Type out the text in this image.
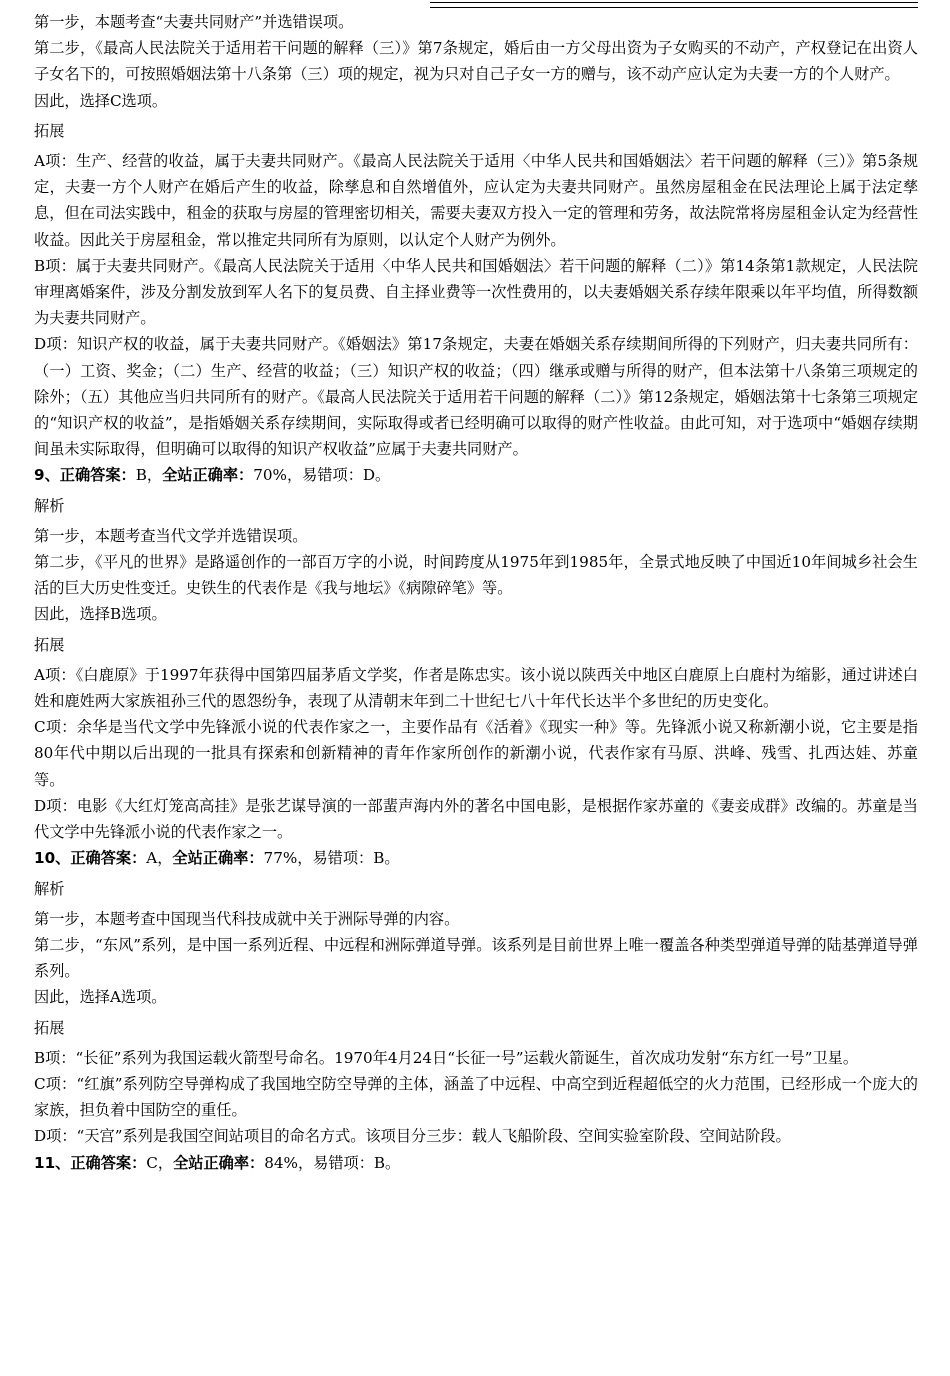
第一步，本题考查“夫妻共同财产”并选错误项。

第二步，《最高人民法院关于适用若干问题的解释（三）》第7条规定，婚后由一方父母出资为子女购买的不动产，产权登记在出资人子女名下的，可按照婚姻法第十八条第（三）项的规定，视为只对自己子女一方的赠与，该不动产应认定为夫妻一方的个人财产。

因此，选择C选项。

拓展

A项：生产、经营的收益，属于夫妻共同财产。《最高人民法院关于适用〈中华人民共和国婚姻法〉若干问题的解释（三）》第5条规定，夫妻一方个人财产在婚后产生的收益，除孳息和自然增值外，应认定为夫妻共同财产。虽然房屋租金在民法理论上属于法定孳息，但在司法实践中，租金的获取与房屋的管理密切相关，需要夫妻双方投入一定的管理和劳务，故法院常将房屋租金认定为经营性收益。因此关于房屋租金，常以推定共同所有为原则，以认定个人财产为例外。

B项：属于夫妻共同财产。《最高人民法院关于适用〈中华人民共和国婚姻法〉若干问题的解释（二）》第14条第1款规定，人民法院审理离婚案件，涉及分割发放到军人名下的复员费、自主择业费等一次性费用的，以夫妻婚姻关系存续年限乘以年平均值，所得数额为夫妻共同财产。

D项：知识产权的收益，属于夫妻共同财产。《婚姻法》第17条规定，夫妻在婚姻关系存续期间所得的下列财产，归夫妻共同所有：（一）工资、奖金；（二）生产、经营的收益；（三）知识产权的收益；（四）继承或赠与所得的财产，但本法第十八条第三项规定的除外；（五）其他应当归共同所有的财产。《最高人民法院关于适用若干问题的解释（二）》第12条规定，婚姻法第十七条第三项规定的“知识产权的收益”，是指婚姻关系存续期间，实际取得或者已经明确可以取得的财产性收益。由此可知，对于选项中“婚姻存续期间虽未实际取得，但明确可以取得的知识产权收益”应属于夫妻共同财产。

9、正确答案：B，全站正确率：70%，易错项：D。

解析

第一步，本题考查当代文学并选错误项。

第二步，《平凡的世界》是路遥创作的一部百万字的小说，时间跨度从1975年到1985年，全景式地反映了中国近10年间城乡社会生活的巨大历史性变迁。史铁生的代表作是《我与地坛》《病隙碎笔》等。

因此，选择B选项。

拓展

A项：《白鹿原》于1997年获得中国第四届茅盾文学奖，作者是陈忠实。该小说以陕西关中地区白鹿原上白鹿村为缩影，通过讲述白姓和鹿姓两大家族祖孙三代的恩怨纷争，表现了从清朝末年到二十世纪七八十年代长达半个多世纪的历史变化。

C项：余华是当代文学中先锋派小说的代表作家之一，主要作品有《活着》《现实一种》等。先锋派小说又称新潮小说，它主要是指80年代中期以后出现的一批具有探索和创新精神的青年作家所创作的新潮小说，代表作家有马原、洪峰、残雪、扎西达娃、苏童等。

D项：电影《大红灯笼高高挂》是张艺谋导演的一部蜚声海内外的著名中国电影，是根据作家苏童的《妻妾成群》改编的。苏童是当代文学中先锋派小说的代表作家之一。

10、正确答案：A，全站正确率：77%，易错项：B。

解析

第一步，本题考查中国现当代科技成就中关于洲际导弹的内容。

第二步，“东风”系列，是中国一系列近程、中远程和洲际弹道导弹。该系列是目前世界上唯一覆盖各种类型弹道导弹的陆基弹道导弹系列。

因此，选择A选项。

拓展

B项：“长征”系列为我国运载火箭型号命名。1970年4月24日“长征一号”运载火箭诞生，首次成功发射“东方红一号”卫星。

C项：“红旗”系列防空导弹构成了我国地空防空导弹的主体，涵盖了中远程、中高空到近程超低空的火力范围，已经形成一个庞大的家族，担负着中国防空的重任。

D项：“天宫”系列是我国空间站项目的命名方式。该项目分三步：载人飞船阶段、空间实验室阶段、空间站阶段。

11、正确答案：C，全站正确率：84%，易错项：B。
